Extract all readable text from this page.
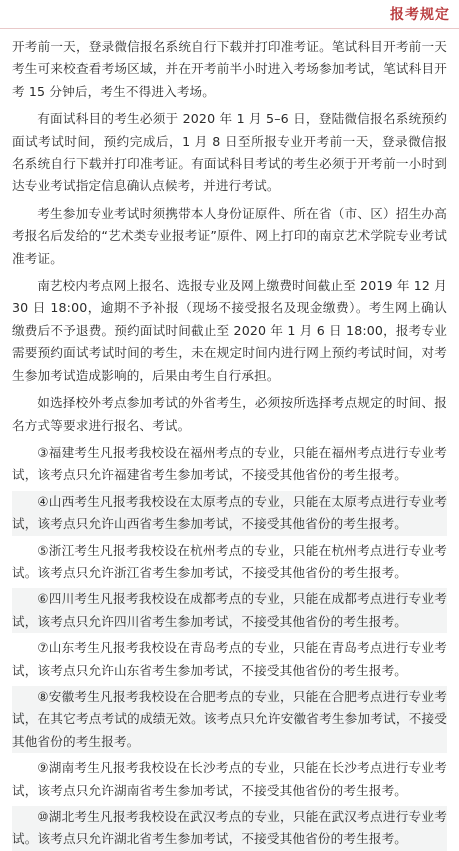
报考规定

开考前一天，登录微信报名系统自行下载并打印准考证。笔试科目开考前一天考生可来校查看考场区域，并在开考前半小时进入考场参加考试，笔试科目开考 15 分钟后，考生不得进入考场。

有面试科目的考生必须于 2020 年 1 月 5–6 日，登陆微信报名系统预约面试考试时间，预约完成后，1 月 8 日至所报专业开考前一天，登录微信报名系统自行下载并打印准考证。有面试科目考试的考生必须于开考前一小时到达专业考试指定信息确认点候考，并进行考试。

考生参加专业考试时须携带本人身份证原件、所在省（市、区）招生办高考报名后发给的“艺术类专业报考证”原件、网上打印的南京艺术学院专业考试准考证。

南艺校内考点网上报名、选报专业及网上缴费时间截止至 2019 年 12 月 30 日 18:00，逾期不予补报（现场不接受报名及现金缴费）。考生网上确认缴费后不予退费。预约面试时间截止至 2020 年 1 月 6 日 18:00，报考专业需要预约面试考试时间的考生，未在规定时间内进行网上预约考试时间，对考生参加考试造成影响的，后果由考生自行承担。

如选择校外考点参加考试的外省考生，必须按所选择考点规定的时间、报名方式等要求进行报名、考试。

③福建考生凡报考我校设在福州考点的专业，只能在福州考点进行专业考试，该考点只允许福建省考生参加考试，不接受其他省份的考生报考。

④山西考生凡报考我校设在太原考点的专业，只能在太原考点进行专业考试，该考点只允许山西省考生参加考试，不接受其他省份的考生报考。

⑤浙江考生凡报考我校设在杭州考点的专业，只能在杭州考点进行专业考试。该考点只允许浙江省考生参加考试，不接受其他省份的考生报考。

⑥四川考生凡报考我校设在成都考点的专业，只能在成都考点进行专业考试，该考点只允许四川省考生参加考试，不接受其他省份的考生报考。

⑦山东考生凡报考我校设在青岛考点的专业，只能在青岛考点进行专业考试，该考点只允许山东省考生参加考试，不接受其他省份的考生报考。

⑧安徽考生凡报考我校设在合肥考点的专业，只能在合肥考点进行专业考试，在其它考点考试的成绩无效。该考点只允许安徽省考生参加考试，不接受其他省份的考生报考。

⑨湖南考生凡报考我校设在长沙考点的专业，只能在长沙考点进行专业考试，该考点只允许湖南省考生参加考试，不接受其他省份的考生报考。

⑩湖北考生凡报考我校设在武汉考点的专业，只能在武汉考点进行专业考试。该考点只允许湖北省考生参加考试，不接受其他省份的考生报考。
